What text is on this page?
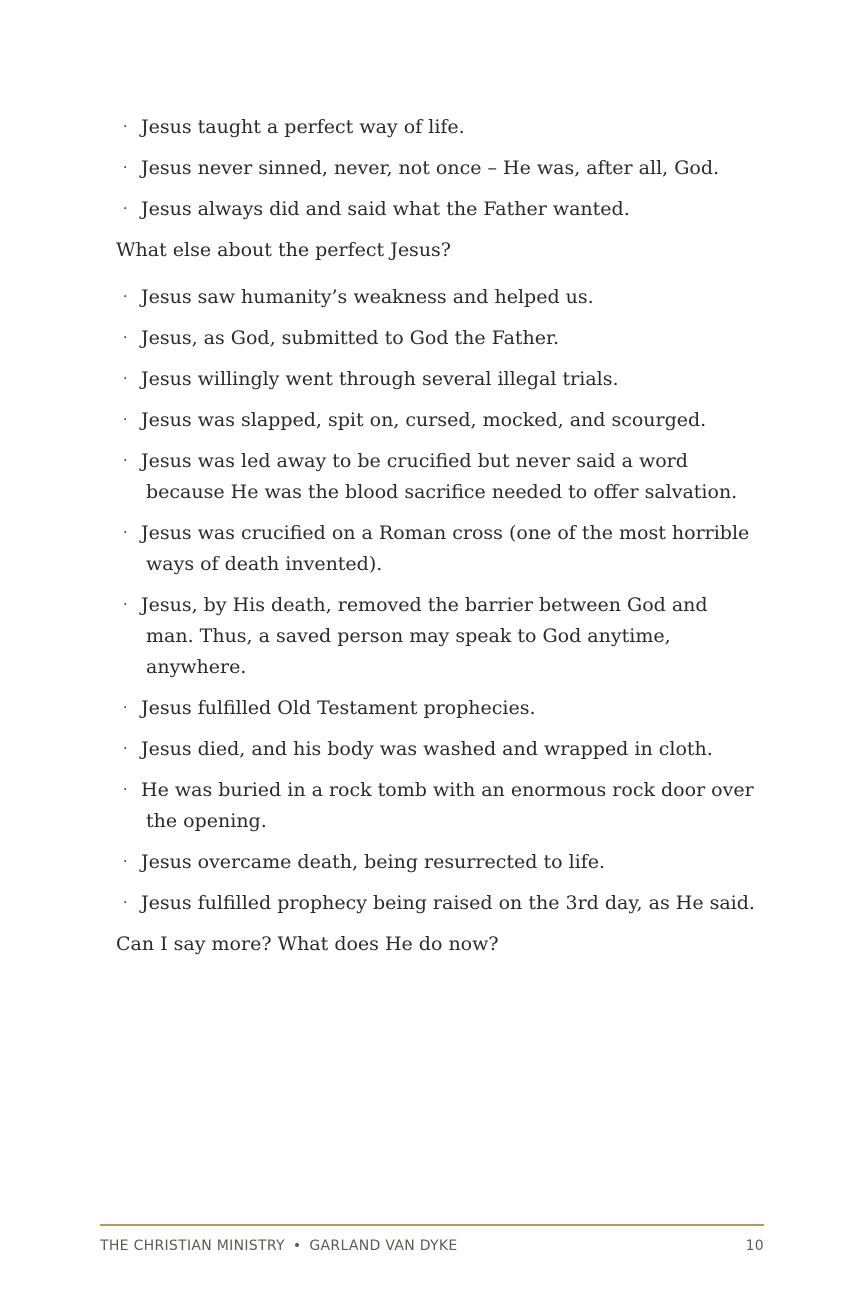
· Jesus taught a perfect way of life.
· Jesus never sinned, never, not once – He was, after all, God.
· Jesus always did and said what the Father wanted.

What else about the perfect Jesus?

· Jesus saw humanity’s weakness and helped us.
· Jesus, as God, submitted to God the Father.
· Jesus willingly went through several illegal trials.
· Jesus was slapped, spit on, cursed, mocked, and scourged.
· Jesus was led away to be crucified but never said a word because He was the blood sacrifice needed to offer salvation.
· Jesus was crucified on a Roman cross (one of the most horrible ways of death invented).
· Jesus, by His death, removed the barrier between God and man. Thus, a saved person may speak to God anytime, anywhere.
· Jesus fulfilled Old Testament prophecies.
· Jesus died, and his body was washed and wrapped in cloth.
· He was buried in a rock tomb with an enormous rock door over the opening.
· Jesus overcame death, being resurrected to life.
· Jesus fulfilled prophecy being raised on the 3rd day, as He said.

Can I say more? What does He do now?

THE CHRISTIAN MINISTRY • GARLAND VAN DYKE	10
